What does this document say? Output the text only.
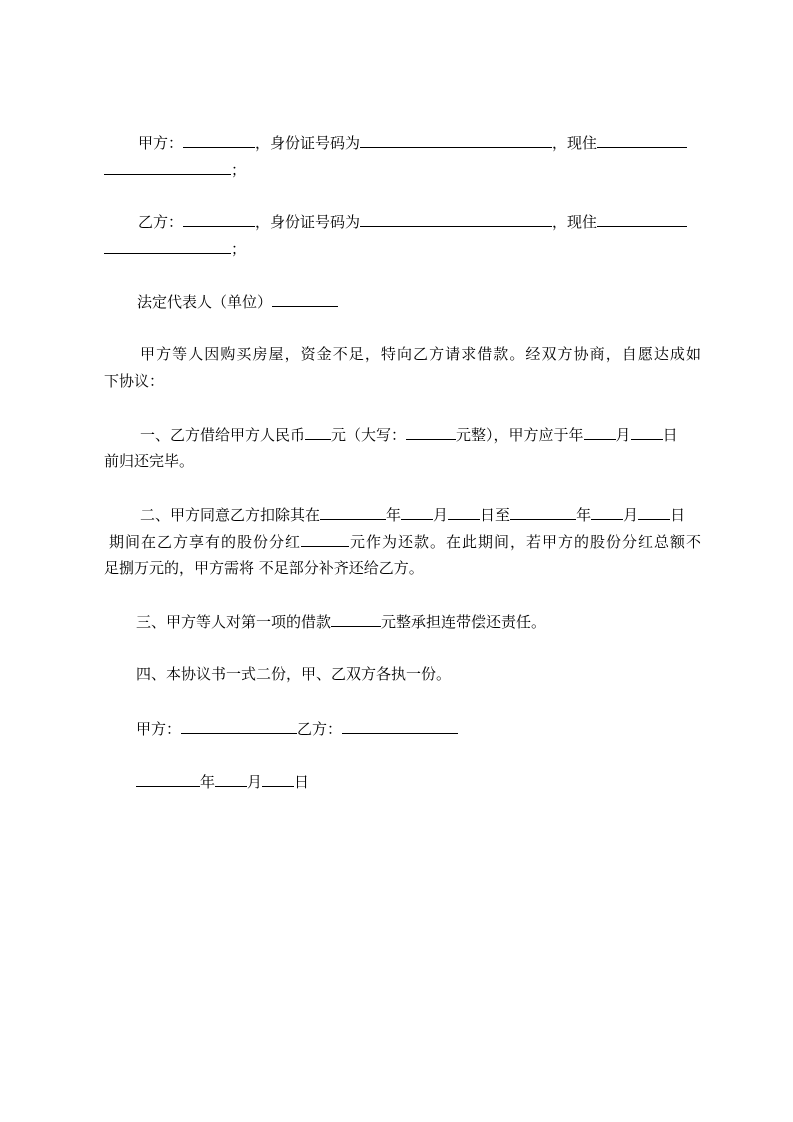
甲方：	，身份证号码为	，现住
；
乙方：	，身份证号码为	，现住
；
法定代表人（单位）
甲方等人因购买房屋，资金不足，特向乙方请求借款。经双方协商，自愿达成如
下协议：
一、乙方借给甲方人民币 元（大写：	元整），甲方应于年 月 日
前归还完毕。
二、甲方同意乙方扣除其在	年 月 日至	年 月 日
期间在乙方享有的股份分红	元作为还款。在此期间，若甲方的股份分红总额不
足捌万元的，甲方需将 不足部分补齐还给乙方。
三、甲方等人对第一项的借款	元整承担连带偿还责任。
四、本协议书一式二份，甲、乙双方各执一份。
甲方：	乙方：
年 月 日
